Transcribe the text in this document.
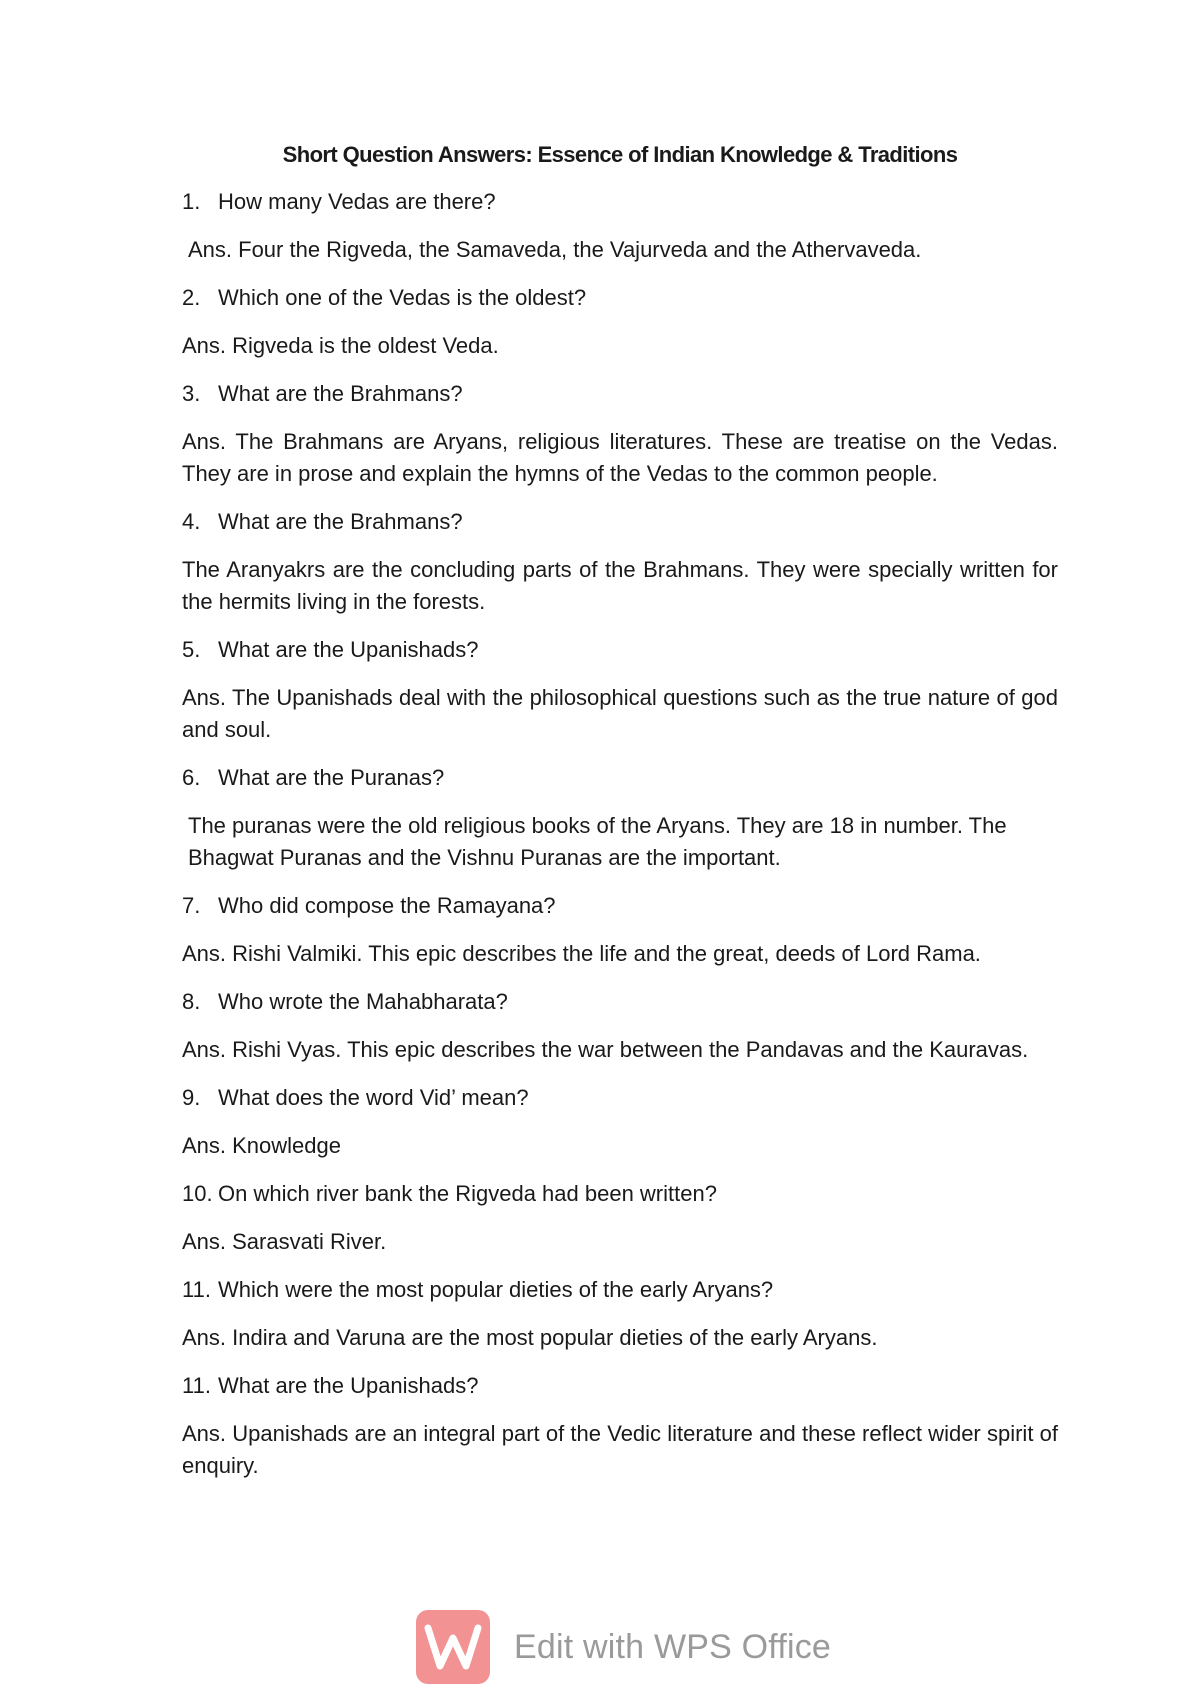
Short Question Answers: Essence of Indian Knowledge & Traditions
1. How many Vedas are there?

Ans. Four the Rigveda, the Samaveda, the Vajurveda and the Athervaveda.

2. Which one of the Vedas is the oldest?

Ans. Rigveda is the oldest Veda.

3. What are the Brahmans?

Ans. The Brahmans are Aryans, religious literatures. These are treatise on the Vedas. They are in prose and explain the hymns of the Vedas to the common people.

4. What are the Brahmans?

The Aranyakrs are the concluding parts of the Brahmans. They were specially written for the hermits living in the forests.

5. What are the Upanishads?

Ans. The Upanishads deal with the philosophical questions such as the true nature of god and soul.

6. What are the Puranas?

The puranas were the old religious books of the Aryans. They are 18 in number. The Bhagwat Puranas and the Vishnu Puranas are the important.

7. Who did compose the Ramayana?

Ans. Rishi Valmiki. This epic describes the life and the great, deeds of Lord Rama.

8. Who wrote the Mahabharata?

Ans. Rishi Vyas. This epic describes the war between the Pandavas and the Kauravas.

9. What does the word Vid’ mean?

Ans. Knowledge

10. On which river bank the Rigveda had been written?

Ans. Sarasvati River.

11. Which were the most popular dieties of the early Aryans?

Ans. Indira and Varuna are the most popular dieties of the early Aryans.

11. What are the Upanishads?

Ans. Upanishads are an integral part of the Vedic literature and these reflect wider spirit of enquiry.

Edit with WPS Office
